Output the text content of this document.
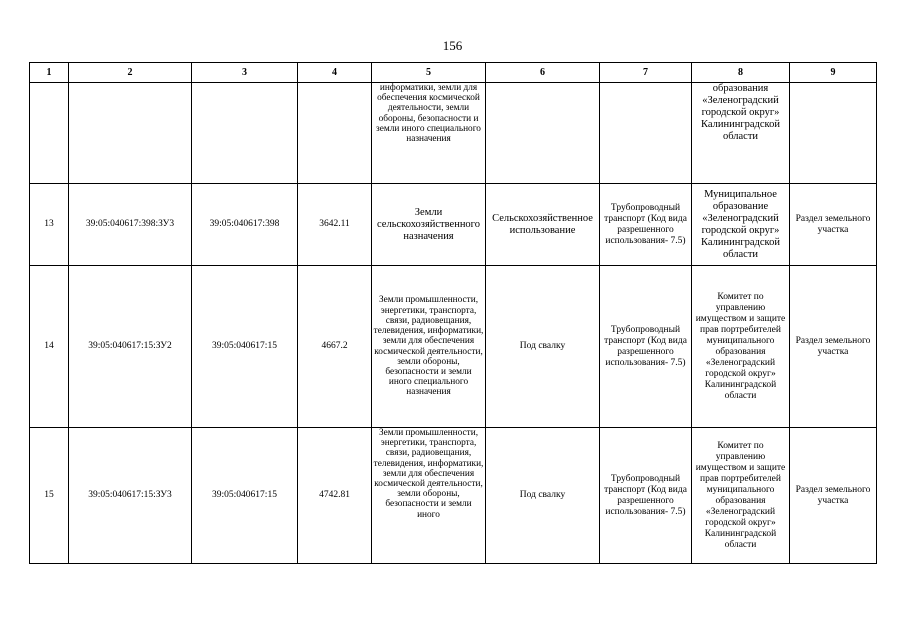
156
1	2	3	4	5	6	7	8	9
				информатики, земли для обеспечения космической деятельности, земли обороны, безопасности и земли иного специального назначения			образования «Зеленоградский городской округ» Калининградской области	
13	39:05:040617:398:ЗУ3	39:05:040617:398	3642.11	Земли сельскохозяйственного назначения	Сельскохозяйственное использование	Трубопроводный транспорт (Код вида разрешенного использования- 7.5)	Муниципальное образование «Зеленоградский городской округ» Калининградской области	Раздел земельного участка
14	39:05:040617:15:ЗУ2	39:05:040617:15	4667.2	Земли промышленности, энергетики, транспорта, связи, радиовещания, телевидения, информатики, земли для обеспечения космической деятельности, земли обороны, безопасности и земли иного специального назначения	Под свалку	Трубопроводный транспорт (Код вида разрешенного использования- 7.5)	Комитет по управлению имуществом и защите прав портребителей муниципального образования «Зеленоградский городской округ» Калининградской области	Раздел земельного участка
15	39:05:040617:15:ЗУ3	39:05:040617:15	4742.81	Земли промышленности, энергетики, транспорта, связи, радиовещания, телевидения, информатики, земли для обеспечения космической деятельности, земли обороны, безопасности и земли иного	Под свалку	Трубопроводный транспорт (Код вида разрешенного использования- 7.5)	Комитет по управлению имуществом и защите прав портребителей муниципального образования «Зеленоградский городской округ» Калининградской области	Раздел земельного участка
